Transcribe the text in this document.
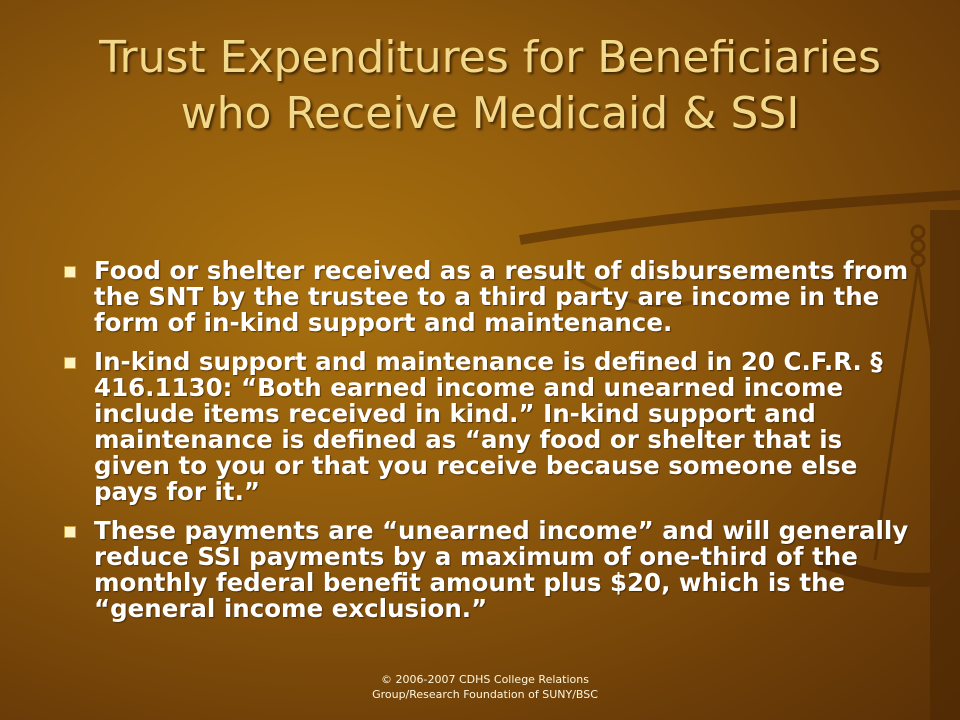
Trust Expenditures for Beneficiaries who Receive Medicaid & SSI
Food or shelter received as a result of disbursements from the SNT by the trustee to a third party are income in the form of in-kind support and maintenance.
In-kind support and maintenance is defined in 20 C.F.R. § 416.1130: “Both earned income and unearned income include items received in kind.” In-kind support and maintenance is defined as “any food or shelter that is given to you or that you receive because someone else pays for it.”
These payments are “unearned income” and will generally reduce SSI payments by a maximum of one-third of the monthly federal benefit amount plus $20, which is the “general income exclusion.”
© 2006-2007 CDHS College Relations
Group/Research Foundation of SUNY/BSC
